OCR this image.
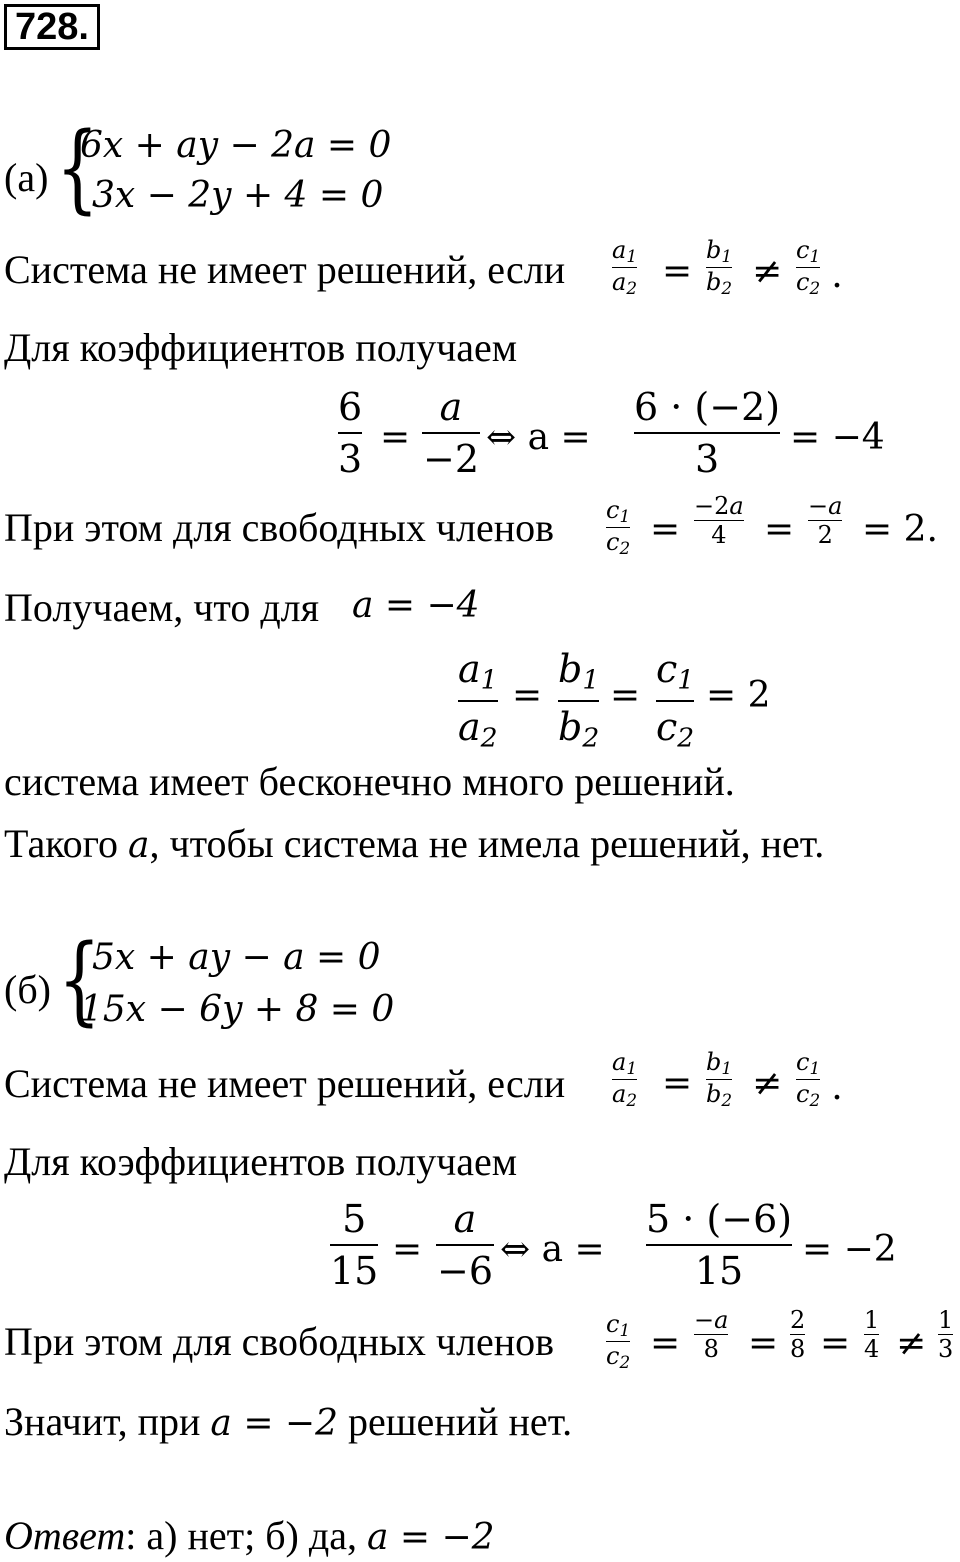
728.
(а) {
6x + ay − 2a = 0
3x − 2y + 4 = 0
Система не имеет решений, если $a_1$
$a_2$ =
$b_1$
$b_2$ ≠
$c_1$
$c_2$ .
Для коэффициентов получаем
6
3 =
a
−2 ⇔ a =
6 · (−2)
3	= −4
При этом для свободных членов $c_1$
$c_2$ =
−2a
4	=
−a
2 = 2.
Получаем, что для a = −4
$a_1$
$a_2$
=
$b_1$
$b_2$
=
$c_1$
$c_2$
= 2
система имеет бесконечно много решений.
Такого a, чтобы система не имела решений, нет.
(б) {
5x + ay − a = 0
15x − 6y + 8 = 0
Система не имеет решений, если $a_1$
$a_2$ =
$b_1$
$b_2$ ≠
$c_1$
$c_2$ .
Для коэффициентов получаем
5
15 =
a
−6 ⇔ a =
5 · (−6)
15	= −2
При этом для свободных членов $c_1$
$c_2$ =
−a
8 =
2
8 =
1
4 ≠
1
3
Значит, при a = −2 решений нет.
Ответ: а) нет; б) да, a = −2
